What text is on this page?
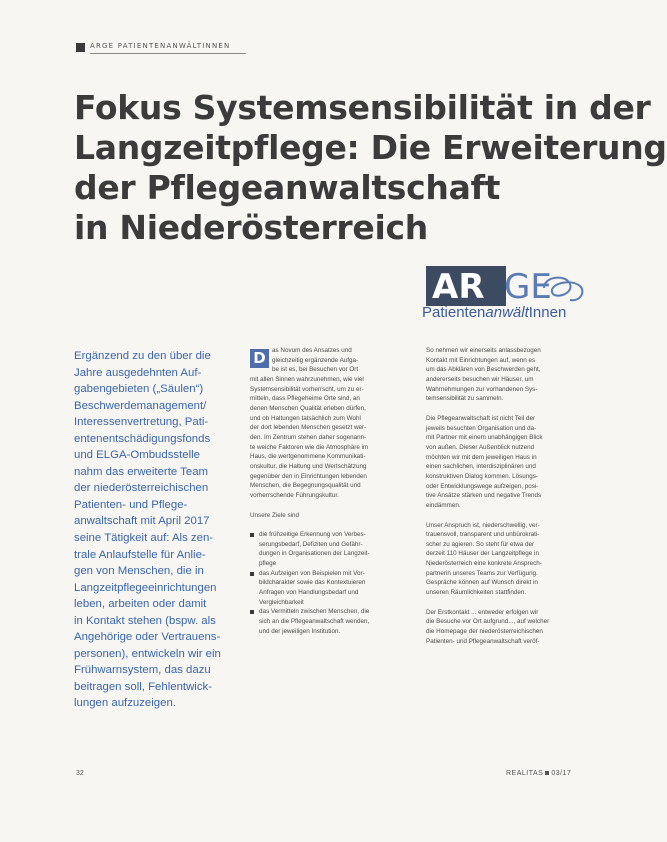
ARGE PATIENTENANWÄLTINNEN
Fokus Systemsensibilität in der
Langzeitpflege: Die Erweiterung
der Pflegeanwaltschaft
in Niederösterreich
AR GE
PatientenanwältInnen
Ergänzend zu den über die
Jahre ausgedehnten Auf-
gabengebieten („Säulen“)
Beschwerdemanagement/
Interessenvertretung, Pati-
entenentschädigungsfonds
und ELGA-Ombudsstelle
nahm das erweiterte Team
der niederösterreichischen
Patienten- und Pflege-
anwaltschaft mit April 2017
seine Tätigkeit auf: Als zen-
trale Anlaufstelle für Anlie-
gen von Menschen, die in
Langzeitpflegeeinrichtungen
leben, arbeiten oder damit
in Kontakt stehen (bspw. als
Angehörige oder Vertrauens-
personen), entwickeln wir ein
Frühwarnsystem, das dazu
beitragen soll, Fehlentwick-
lungen aufzuzeigen.
D as Novum des Ansatzes und
gleichzeitig ergänzende Aufga-
be ist es, bei Besuchen vor Ort
mit allen Sinnen wahrzunehmen, wie viel
Systemsensibilität vorherrscht, um zu er-
mitteln, dass Pflegeheime Orte sind, an
denen Menschen Qualität erleben dürfen,
und ob Haltungen tatsächlich zum Wohl
der dort lebenden Menschen gesetzt wer-
den. Im Zentrum stehen daher sogenann-
te weiche Faktoren wie die Atmosphäre im
Haus, die wertgenommene Kommunikati-
onskultur, die Haltung und Wertschätzung
gegenüber den in Einrichtungen lebenden
Menschen, die Begegnungsqualität und
vorherrschende Führungskultur.
Unsere Ziele sind
die frühzeitige Erkennung von Verbes-
serungsbedarf, Defiziten und Gefähr-
dungen in Organisationen der Langzeit-
pflege
das Aufzeigen von Beispielen mit Vor-
bildcharakter sowie das Kontextuieren
Anfragen von Handlungsbedarf und
Vergleichbarkeit
das Vermitteln zwischen Menschen, die
sich an die Pflegeanwaltschaft wenden,
und der jeweiligen Institution.
So nehmen wir einerseits anlassbezogen
Kontakt mit Einrichtungen auf, wenn es
um das Abklären von Beschwerden geht,
andererseits besuchen wir Häuser, um
Wahrnehmungen zur vorhandenen Sys-
temsensibilität zu sammeln.
Die Pflegeanwaltschaft ist nicht Teil der
jeweils besuchten Organisation und da-
mit Partner mit einem unabhängigen Blick
von außen. Dieser Außenblick nutzend
möchten wir mit dem jeweiligen Haus in
einen sachlichen, interdisziplinären und
konstruktiven Dialog kommen. Lösungs-
oder Entwicklungswege aufzeigen, posi-
tive Ansätze stärken und negative Trends
eindämmen.
Unser Anspruch ist, niederschwellig, ver-
trauensvoll, transparent und unbürokrati-
scher zu agieren. So steht für etwa der
derzeit 110 Häuser der Langzeitpflege in
Niederösterreich eine konkrete Ansprech-
partnerin unseres Teams zur Verfügung.
Gespräche können auf Wunsch direkt in
unseren Räumlichkeiten stattfinden.
Der Erstkontakt ... entweder erfolgen wir
die Besuche vor Ort aufgrund..., auf welcher
die Homepage der niederösterreichischen
Patienten- und Pflegeanwaltschaft veröf-
32	REALITAS 03/17
